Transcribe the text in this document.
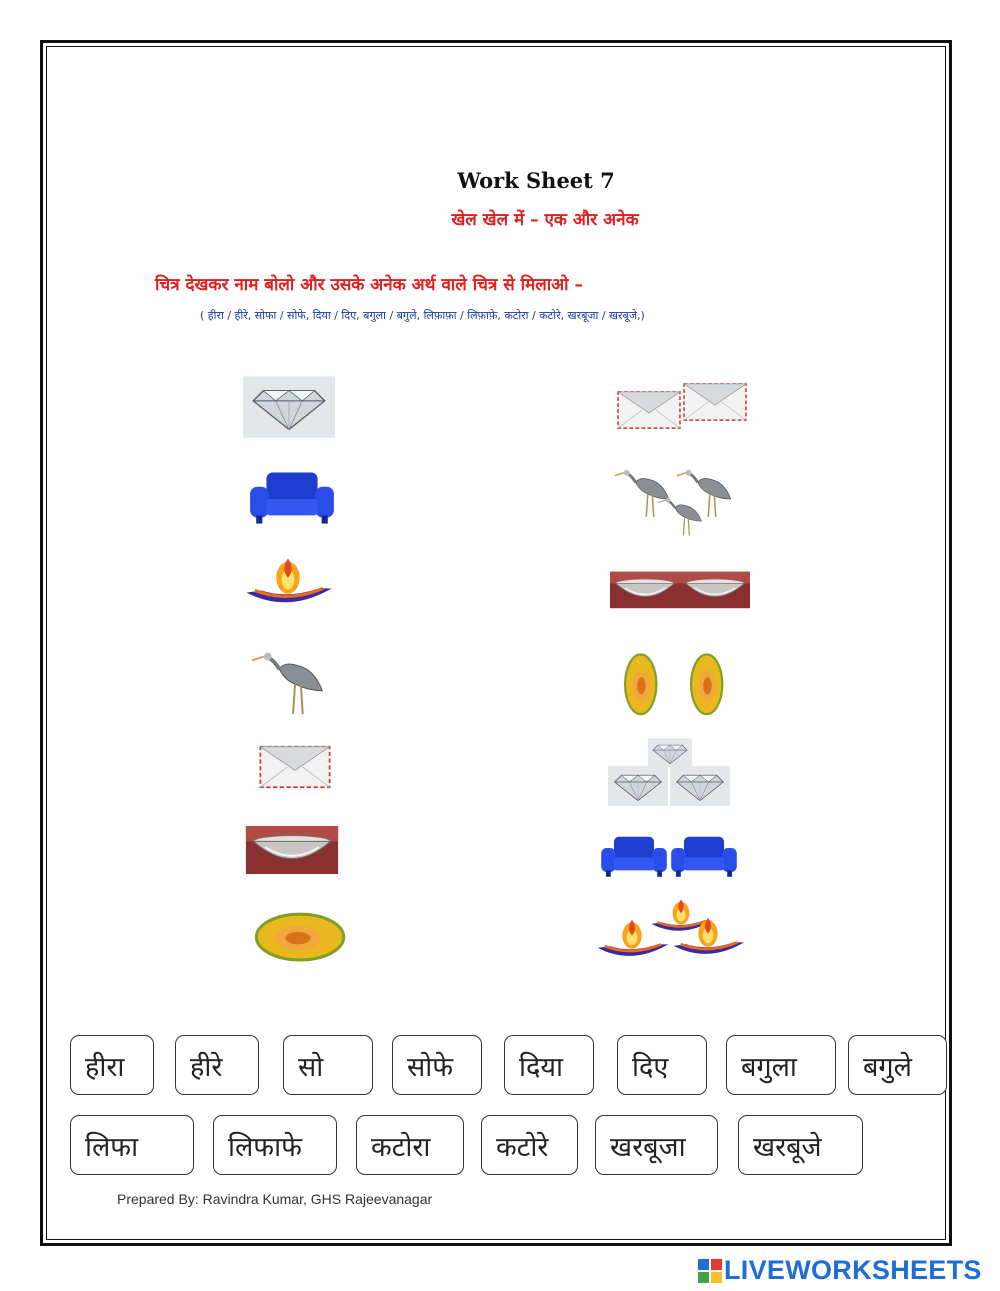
Work Sheet 7
खेल खेल में – एक और अनेक
चित्र देखकर नाम बोलो और उसके अनेक अर्थ वाले चित्र से मिलाओ –
( हीरा / हीरे, सोफा / सोफे, दिया / दिए, बगुला / बगुले, लिफ़ाफ़ा / लिफ़ाफ़े, कटोरा / कटोरे, खरबूजा / खरबूजे,)
हीरा	हीरे	सो	सोफे	दिया	दिए	बगुला	बगुले
लिफा	लिफाफे	कटोरा	कटोरे	खरबूजा	खरबूजे
Prepared By: Ravindra Kumar, GHS Rajeevanagar
LIVEWORKSHEETS
